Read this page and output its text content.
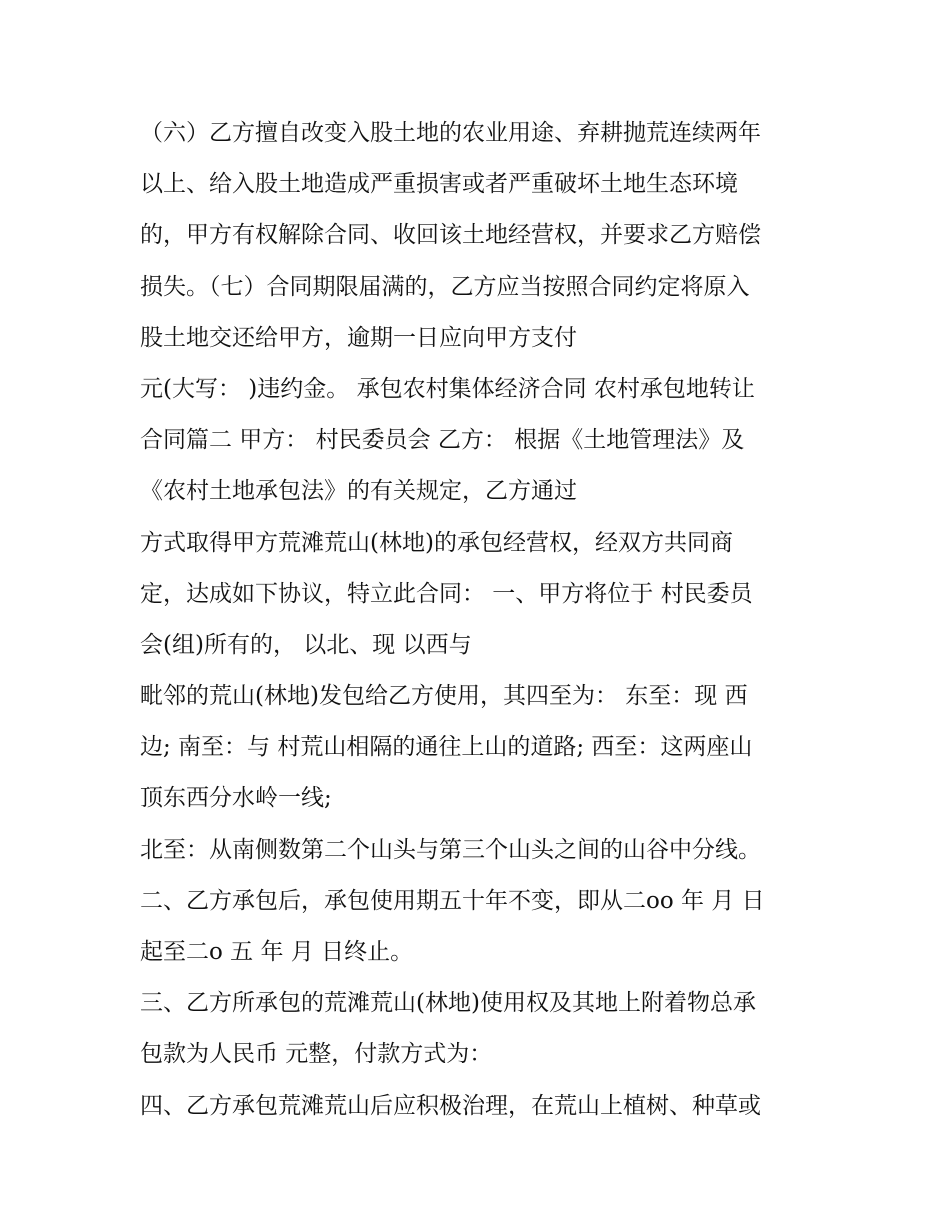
（六）乙方擅自改变入股土地的农业用途、弃耕抛荒连续两年
以上、给入股土地造成严重损害或者严重破坏土地生态环境
的，甲方有权解除合同、收回该土地经营权，并要求乙方赔偿
损失。（七）合同期限届满的，乙方应当按照合同约定将原入
股土地交还给甲方，逾期一日应向甲方支付
元(大写： )违约金。 承包农村集体经济合同 农村承包地转让
合同篇二 甲方： 村民委员会 乙方： 根据《土地管理法》及
《农村土地承包法》的有关规定，乙方通过
方式取得甲方荒滩荒山(林地)的承包经营权，经双方共同商
定，达成如下协议，特立此合同： 一、甲方将位于 村民委员
会(组)所有的， 以北、现 以西与
毗邻的荒山(林地)发包给乙方使用，其四至为： 东至：现 西
边; 南至：与 村荒山相隔的通往上山的道路; 西至：这两座山
顶东西分水岭一线;
北至：从南侧数第二个山头与第三个山头之间的山谷中分线。
二、乙方承包后，承包使用期五十年不变，即从二oo 年 月 日
起至二o 五 年 月 日终止。
三、乙方所承包的荒滩荒山(林地)使用权及其地上附着物总承
包款为人民币 元整，付款方式为：
四、乙方承包荒滩荒山后应积极治理，在荒山上植树、种草或
